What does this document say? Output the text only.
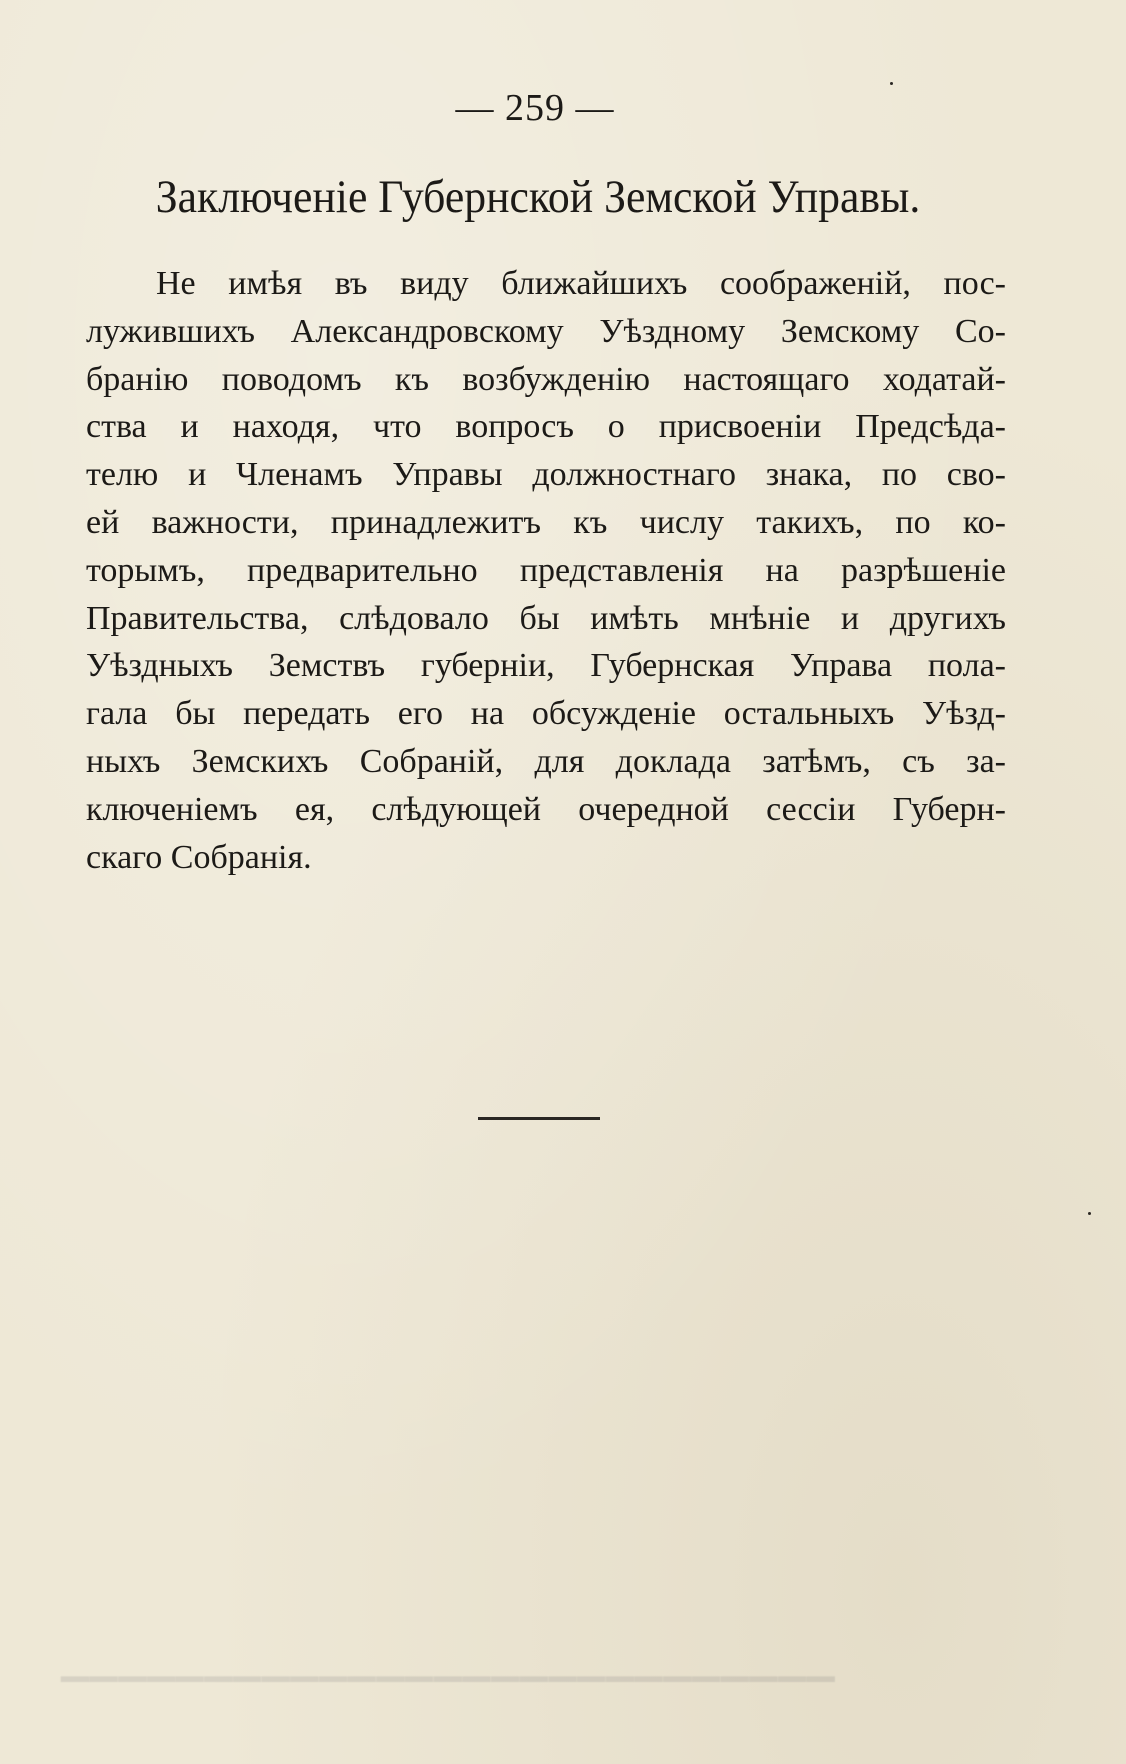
▁▁▁▁▁▁▁▁▁▁▁▁▁▁▁▁▁▁▁▁▁▁▁▁▁▁▁
— 259 —
Заключеніе Губернской Земской Управы.
Не имѣя въ виду ближайшихъ соображеній, пос-
лужившихъ Александровскому Уѣздному Земскому Со-
бранію поводомъ къ возбужденію настоящаго ходатай-
ства и находя, что вопросъ о присвоеніи Предсѣда-
телю и Членамъ Управы должностнаго знака, по сво-
ей важности, принадлежитъ къ числу такихъ, по ко-
торымъ, предварительно представленія на разрѣшеніе
Правительства, слѣдовало бы имѣть мнѣніе и другихъ
Уѣздныхъ Земствъ губерніи, Губернская Управа пола-
гала бы передать его на обсужденіе остальныхъ Уѣзд-
ныхъ Земскихъ Собраній, для доклада затѣмъ, съ за-
ключеніемъ ея, слѣдующей очередной сессіи Губерн-
скаго Собранія.
